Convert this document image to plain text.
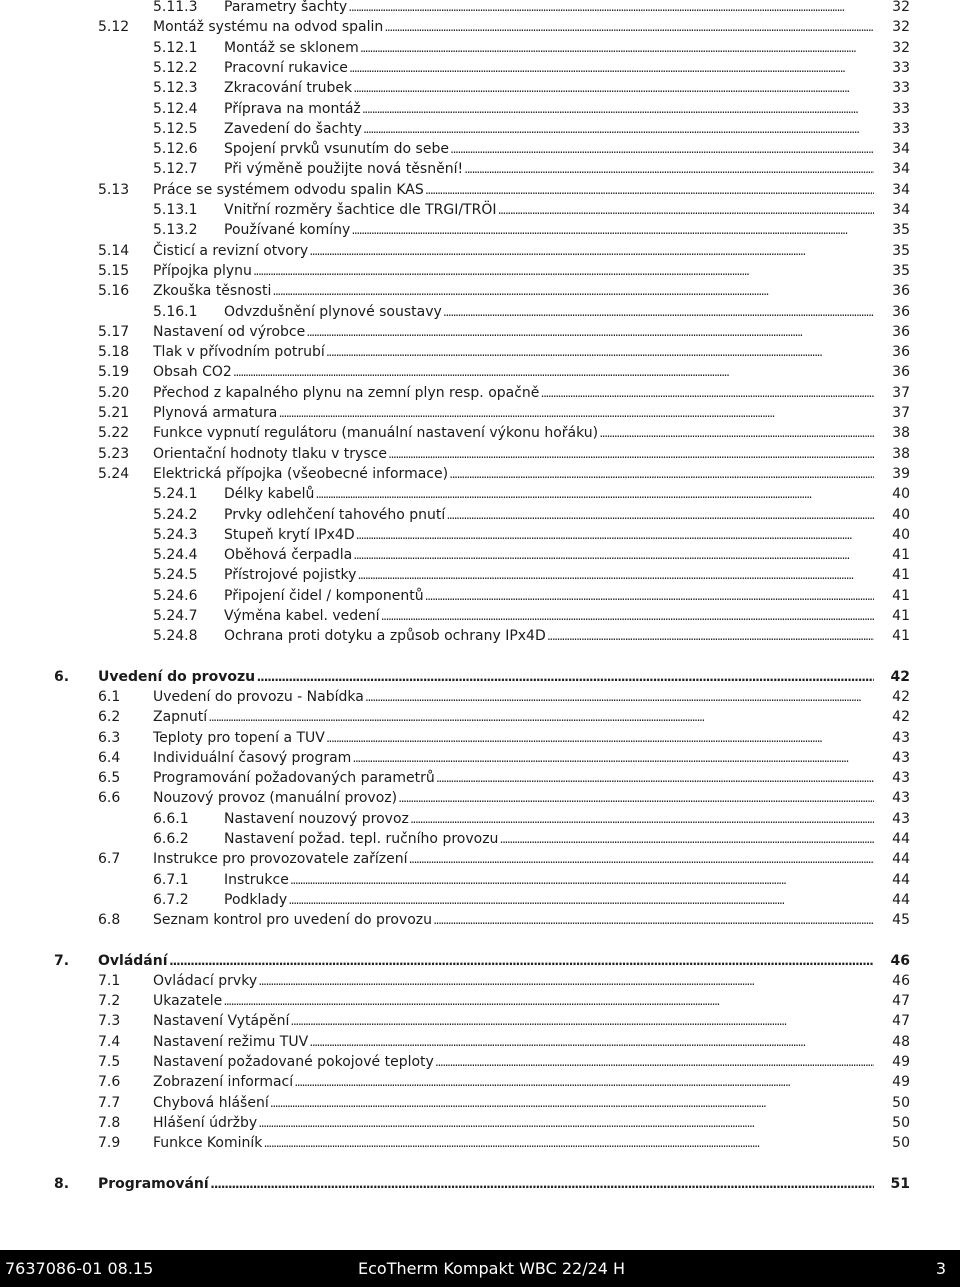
5.11.3 Parametry šachty . . .	32
5.12 Montáž systému na odvod spalin . . .	32
5.12.1 Montáž se sklonem . . .	32
5.12.2 Pracovní rukavice . . .	33
5.12.3 Zkracování trubek . . .	33
5.12.4 Příprava na montáž . . .	33
5.12.5 Zavedení do šachty . . .	33
5.12.6 Spojení prvků vsunutím do sebe . . .	34
5.12.7 Při výměně použijte nová těsnění! . . .	34
5.13 Práce se systémem odvodu spalin KAS . . .	34
5.13.1 Vnitřní rozměry šachtice dle TRGI/TRÖI . . .	34
5.13.2 Používané komíny . . .	35
5.14 Čisticí a revizní otvory . . .	35
5.15 Přípojka plynu . . .	35
5.16 Zkouška těsnosti . . .	36
5.16.1 Odvzdušnění plynové soustavy . . .	36
5.17 Nastavení od výrobce . . .	36
5.18 Tlak v přívodním potrubí . . .	36
5.19 Obsah CO2 . . .	36
5.20 Přechod z kapalného plynu na zemní plyn resp. opačně . . .	37
5.21 Plynová armatura . . .	37
5.22 Funkce vypnutí regulátoru (manuální nastavení výkonu hořáku) . . .	38
5.23 Orientační hodnoty tlaku v trysce . . .	38
5.24 Elektrická přípojka (všeobecné informace) . . .	39
5.24.1 Délky kabelů . . .	40
5.24.2 Prvky odlehčení tahového pnutí . . .	40
5.24.3 Stupeň krytí IPx4D . . .	40
5.24.4 Oběhová čerpadla . . .	41
5.24.5 Přístrojové pojistky . . .	41
5.24.6 Připojení čidel / komponentů . . .	41
5.24.7 Výměna kabel. vedení . . .	41
5.24.8 Ochrana proti dotyku a způsob ochrany IPx4D . . .	41
6. Uvedení do provozu . . .	42
6.1 Uvedení do provozu - Nabídka . . .	42
6.2 Zapnutí . . .	42
6.3 Teploty pro topení a TUV . . .	43
6.4 Individuální časový program . . .	43
6.5 Programování požadovaných parametrů . . .	43
6.6 Nouzový provoz (manuální provoz) . . .	43
6.6.1	Nastavení nouzový provoz . . .	43
6.6.2	Nastavení požad. tepl. ručního provozu . . .	44
6.7 Instrukce pro provozovatele zařízení . . .	44
6.7.1	Instrukce . . .	44
6.7.2	Podklady . . .	44
6.8 Seznam kontrol pro uvedení do provozu . . .	45
7. Ovládání . . .	46
7.1 Ovládací prvky . . .	46
7.2 Ukazatele . . .	47
7.3 Nastavení Vytápění . . .	47
7.4 Nastavení režimu TUV . . .	48
7.5 Nastavení požadované pokojové teploty . . .	49
7.6 Zobrazení informací . . .	49
7.7 Chybová hlášení . . .	50
7.8 Hlášení údržby . . .	50
7.9 Funkce Kominík . . .	50
8. Programování . . .	51
7637086-01 08.15	EcoTherm Kompakt WBC 22/24 H	3
